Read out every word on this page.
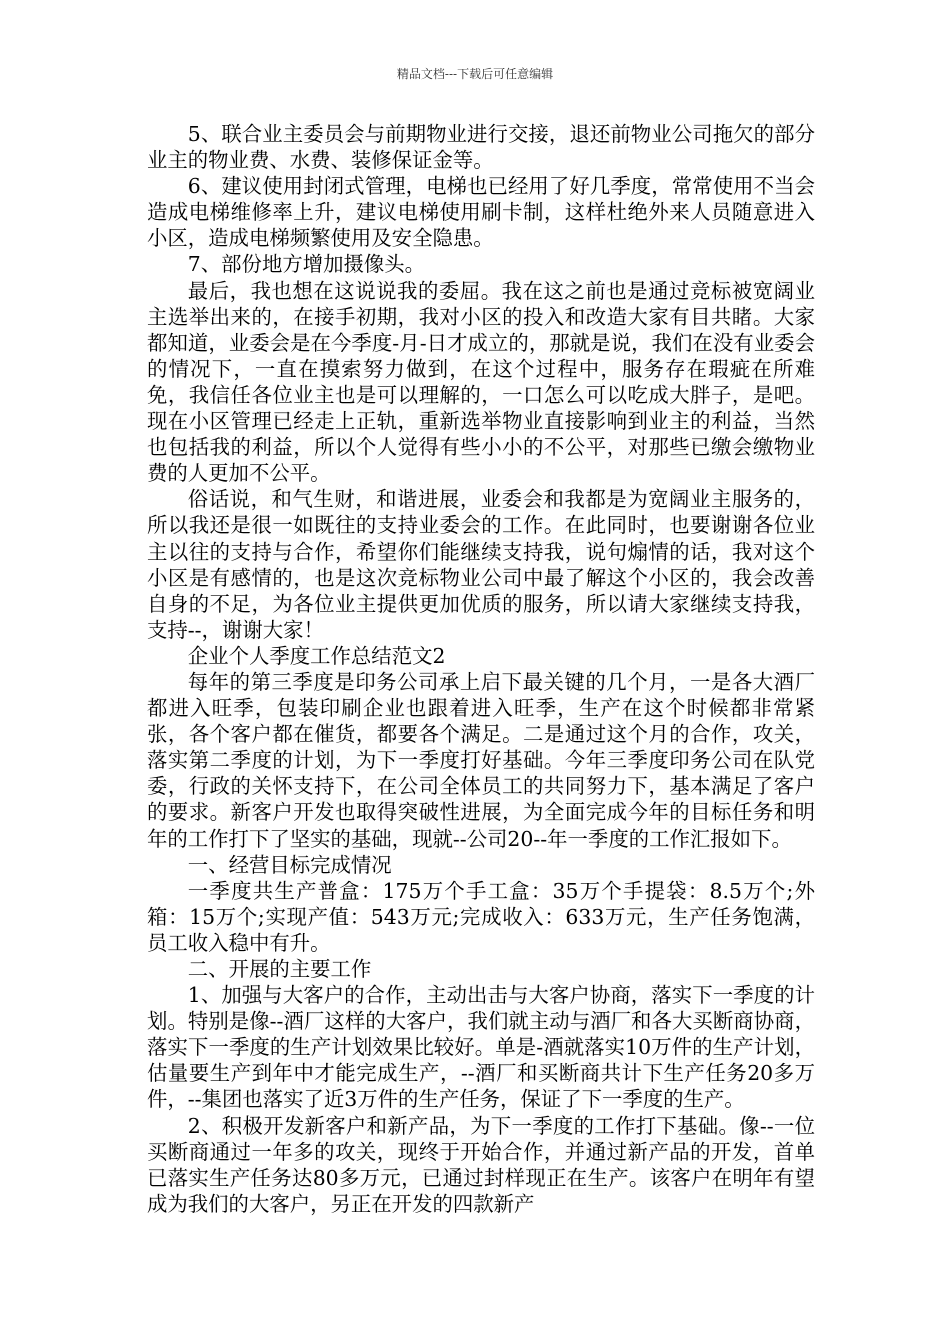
精品文档---下载后可任意编辑

5、联合业主委员会与前期物业进行交接，退还前物业公司拖欠的部分业主的物业费、水费、装修保证金等。

6、建议使用封闭式管理，电梯也已经用了好几季度，常常使用不当会造成电梯维修率上升，建议电梯使用刷卡制，这样杜绝外来人员随意进入小区，造成电梯频繁使用及安全隐患。

7、部份地方增加摄像头。

最后，我也想在这说说我的委屈。我在这之前也是通过竞标被宽阔业主选举出来的，在接手初期，我对小区的投入和改造大家有目共睹。大家都知道，业委会是在今季度-月-日才成立的，那就是说，我们在没有业委会的情况下，一直在摸索努力做到，在这个过程中，服务存在瑕疵在所难免，我信任各位业主也是可以理解的，一口怎么可以吃成大胖子，是吧。现在小区管理已经走上正轨，重新选举物业直接影响到业主的利益，当然也包括我的利益，所以个人觉得有些小小的不公平，对那些已缴会缴物业费的人更加不公平。

俗话说，和气生财，和谐进展，业委会和我都是为宽阔业主服务的，所以我还是很一如既往的支持业委会的工作。在此同时，也要谢谢各位业主以往的支持与合作，希望你们能继续支持我，说句煽情的话，我对这个小区是有感情的，也是这次竞标物业公司中最了解这个小区的，我会改善自身的不足，为各位业主提供更加优质的服务，所以请大家继续支持我，支持--，谢谢大家！

企业个人季度工作总结范文2

每年的第三季度是印务公司承上启下最关键的几个月，一是各大酒厂都进入旺季，包装印刷企业也跟着进入旺季，生产在这个时候都非常紧张，各个客户都在催货，都要各个满足。二是通过这个月的合作，攻关，落实第二季度的计划，为下一季度打好基础。今年三季度印务公司在队党委，行政的关怀支持下，在公司全体员工的共同努力下，基本满足了客户的要求。新客户开发也取得突破性进展，为全面完成今年的目标任务和明年的工作打下了坚实的基础，现就--公司20--年一季度的工作汇报如下。

一、经营目标完成情况

一季度共生产普盒：175万个手工盒：35万个手提袋：8.5万个;外箱：15万个;实现产值：543万元;完成收入：633万元，生产任务饱满，员工收入稳中有升。

二、开展的主要工作

1、加强与大客户的合作，主动出击与大客户协商，落实下一季度的计划。特别是像--酒厂这样的大客户，我们就主动与酒厂和各大买断商协商，落实下一季度的生产计划效果比较好。单是-酒就落实10万件的生产计划，估量要生产到年中才能完成生产，--酒厂和买断商共计下生产任务20多万件，--集团也落实了近3万件的生产任务，保证了下一季度的生产。

2、积极开发新客户和新产品，为下一季度的工作打下基础。像--一位买断商通过一年多的攻关，现终于开始合作，并通过新产品的开发，首单已落实生产任务达80多万元，已通过封样现正在生产。该客户在明年有望成为我们的大客户，另正在开发的四款新产
